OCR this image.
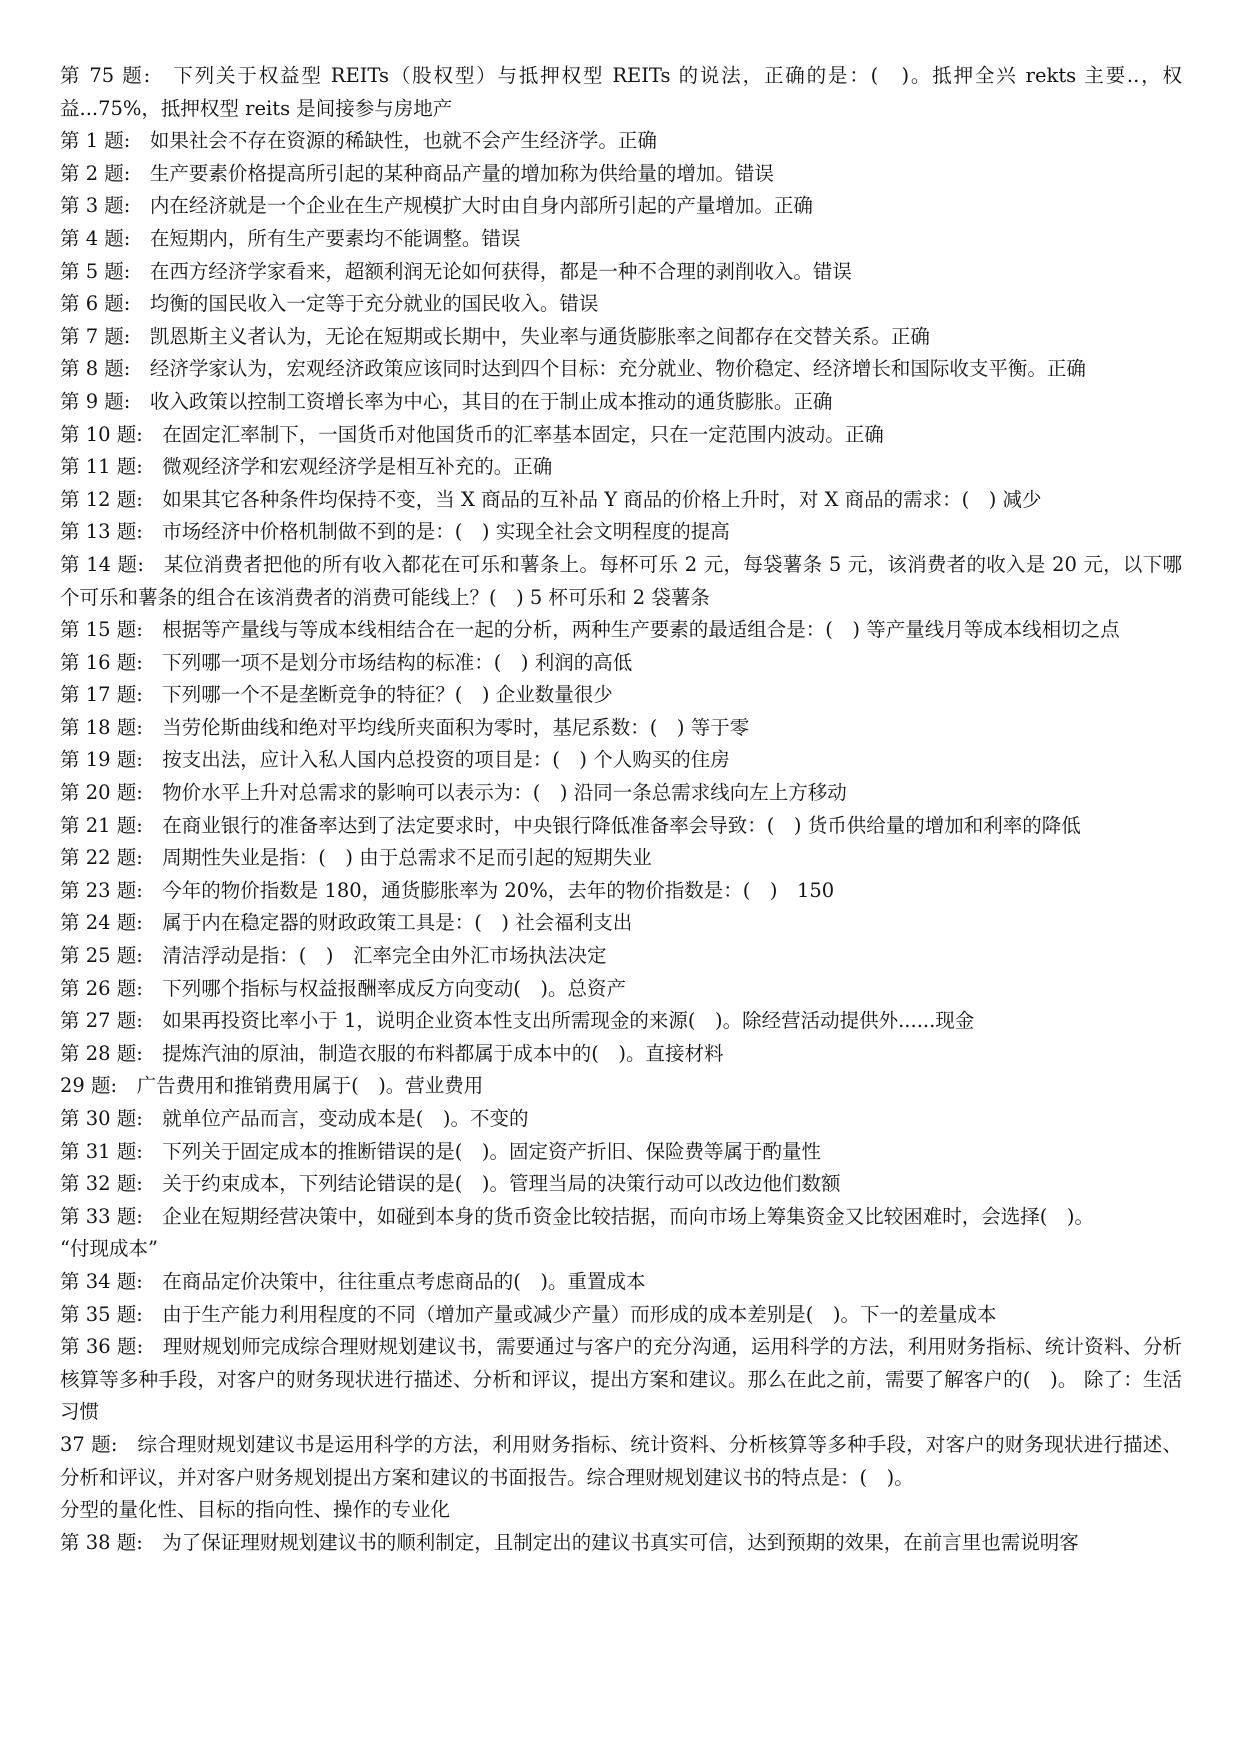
第 75 题:　下列关于权益型 REITs（股权型）与抵押权型 REITs 的说法，正确的是：(　)。抵押全兴 rekts 主要..，权益...75%，抵押权型 reits 是间接参与房地产

第 1 题:　如果社会不存在资源的稀缺性，也就不会产生经济学。正确

第 2 题:　生产要素价格提高所引起的某种商品产量的增加称为供给量的增加。错误

第 3 题:　内在经济就是一个企业在生产规模扩大时由自身内部所引起的产量增加。正确

第 4 题:　在短期内，所有生产要素均不能调整。错误

第 5 题:　在西方经济学家看来，超额利润无论如何获得，都是一种不合理的剥削收入。错误

第 6 题:　均衡的国民收入一定等于充分就业的国民收入。错误

第 7 题:　凯恩斯主义者认为，无论在短期或长期中，失业率与通货膨胀率之间都存在交替关系。正确

第 8 题:　经济学家认为，宏观经济政策应该同时达到四个目标：充分就业、物价稳定、经济增长和国际收支平衡。正确

第 9 题:　收入政策以控制工资增长率为中心，其目的在于制止成本推动的通货膨胀。正确

第 10 题:　在固定汇率制下，一国货币对他国货币的汇率基本固定，只在一定范围内波动。正确

第 11 题:　微观经济学和宏观经济学是相互补充的。正确

第 12 题:　如果其它各种条件均保持不变，当 X 商品的互补品 Y 商品的价格上升时，对 X 商品的需求：(　) 减少

第 13 题:　市场经济中价格机制做不到的是：(　) 实现全社会文明程度的提高

第 14 题:　某位消费者把他的所有收入都花在可乐和薯条上。每杯可乐 2 元，每袋薯条 5 元，该消费者的收入是 20 元，以下哪个可乐和薯条的组合在该消费者的消费可能线上？(　) 5 杯可乐和 2 袋薯条

第 15 题:　根据等产量线与等成本线相结合在一起的分析，两种生产要素的最适组合是：(　) 等产量线月等成本线相切之点

第 16 题:　下列哪一项不是划分市场结构的标准：(　) 利润的高低

第 17 题:　下列哪一个不是垄断竞争的特征？(　) 企业数量很少

第 18 题:　当劳伦斯曲线和绝对平均线所夹面积为零时，基尼系数：(　) 等于零

第 19 题:　按支出法，应计入私人国内总投资的项目是：(　) 个人购买的住房

第 20 题:　物价水平上升对总需求的影响可以表示为：(　) 沿同一条总需求线向左上方移动

第 21 题:　在商业银行的准备率达到了法定要求时，中央银行降低准备率会导致：(　) 货币供给量的增加和利率的降低

第 22 题:　周期性失业是指：(　) 由于总需求不足而引起的短期失业

第 23 题:　今年的物价指数是 180，通货膨胀率为 20%，去年的物价指数是：(　)　150

第 24 题:　属于内在稳定器的财政政策工具是：(　) 社会福利支出

第 25 题:　清洁浮动是指：(　)　汇率完全由外汇市场执法决定

第 26 题:　下列哪个指标与权益报酬率成反方向变动(　)。总资产

第 27 题:　如果再投资比率小于 1，说明企业资本性支出所需现金的来源(　)。除经营活动提供外......现金

第 28 题:　提炼汽油的原油，制造衣服的布料都属于成本中的(　)。直接材料

29 题:　广告费用和推销费用属于(　)。营业费用

第 30 题:　就单位产品而言，变动成本是(　)。不变的

第 31 题:　下列关于固定成本的推断错误的是(　)。固定资产折旧、保险费等属于酌量性

第 32 题:　关于约束成本，下列结论错误的是(　)。管理当局的决策行动可以改边他们数额

第 33 题:　企业在短期经营决策中，如碰到本身的货币资金比较拮据，而向市场上筹集资金又比较困难时，会选择(　)。

“付现成本”

第 34 题:　在商品定价决策中，往往重点考虑商品的(　)。重置成本

第 35 题:　由于生产能力利用程度的不同（增加产量或减少产量）而形成的成本差别是(　)。下一的差量成本

第 36 题:　理财规划师完成综合理财规划建议书，需要通过与客户的充分沟通，运用科学的方法，利用财务指标、统计资料、分析核算等多种手段，对客户的财务现状进行描述、分析和评议，提出方案和建议。那么在此之前，需要了解客户的(　)。 除了：生活习惯

37 题:　综合理财规划建议书是运用科学的方法，利用财务指标、统计资料、分析核算等多种手段，对客户的财务现状进行描述、分析和评议，并对客户财务规划提出方案和建议的书面报告。综合理财规划建议书的特点是：(　)。

分型的量化性、目标的指向性、操作的专业化

第 38 题:　为了保证理财规划建议书的顺利制定，且制定出的建议书真实可信，达到预期的效果，在前言里也需说明客
